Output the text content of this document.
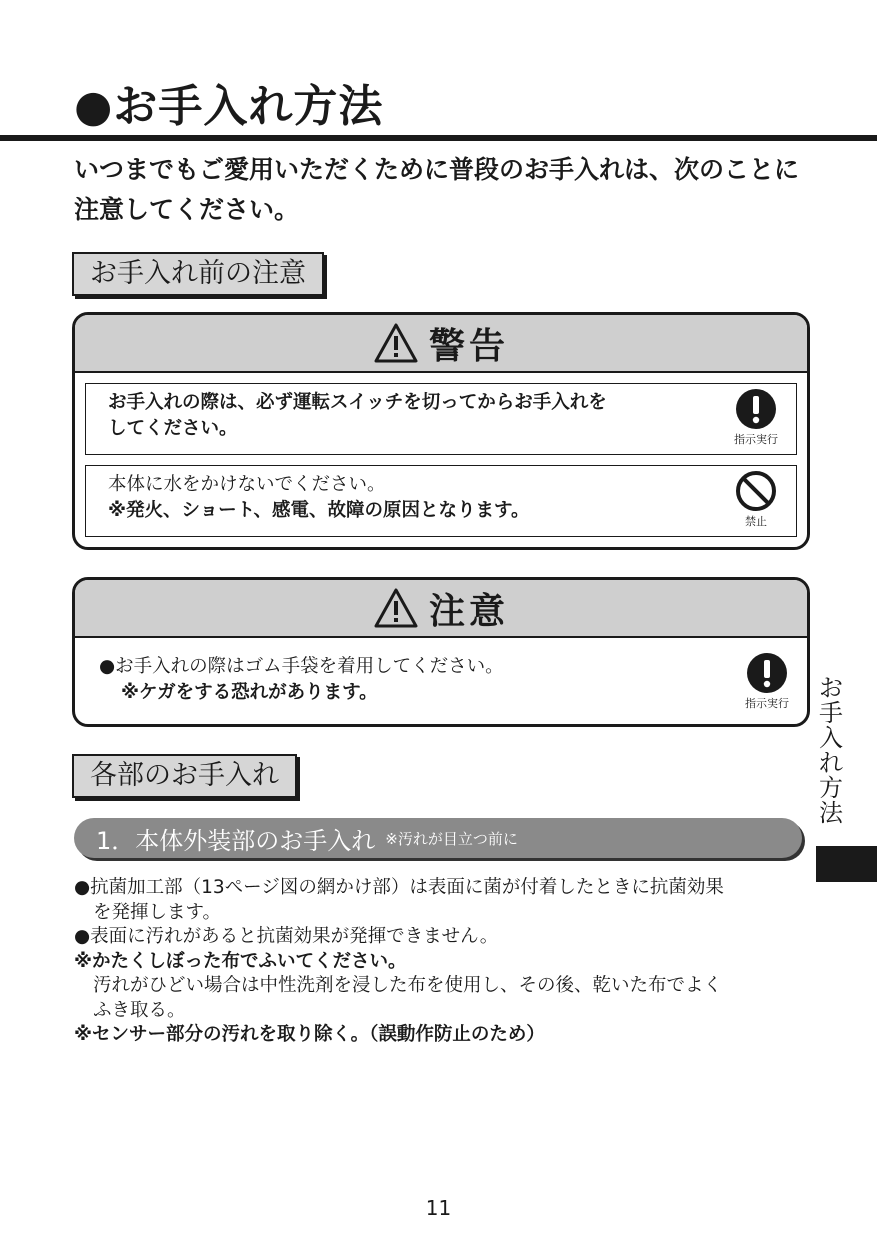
●お手入れ方法
いつまでもご愛用いただくために普段のお手入れは、次のことに注意してください。
お手入れ前の注意
警告
お手入れの際は、必ず運転スイッチを切ってからお手入れを
してください。
指示実行
本体に水をかけないでください。
※発火、ショート、感電、故障の原因となります。
禁止
注意
●お手入れの際はゴム手袋を着用してください。
※ケガをする恐れがあります。
指示実行
お
手
入
れ
方
法
各部のお手入れ
1．本体外装部のお手入れ ※汚れが目立つ前に
●抗菌加工部（13ページ図の網かけ部）は表面に菌が付着したときに抗菌効果
を発揮します。
●表面に汚れがあると抗菌効果が発揮できません。
※かたくしぼった布でふいてください。
汚れがひどい場合は中性洗剤を浸した布を使用し、その後、乾いた布でよく
ふき取る。
※センサー部分の汚れを取り除く。（誤動作防止のため）
11
